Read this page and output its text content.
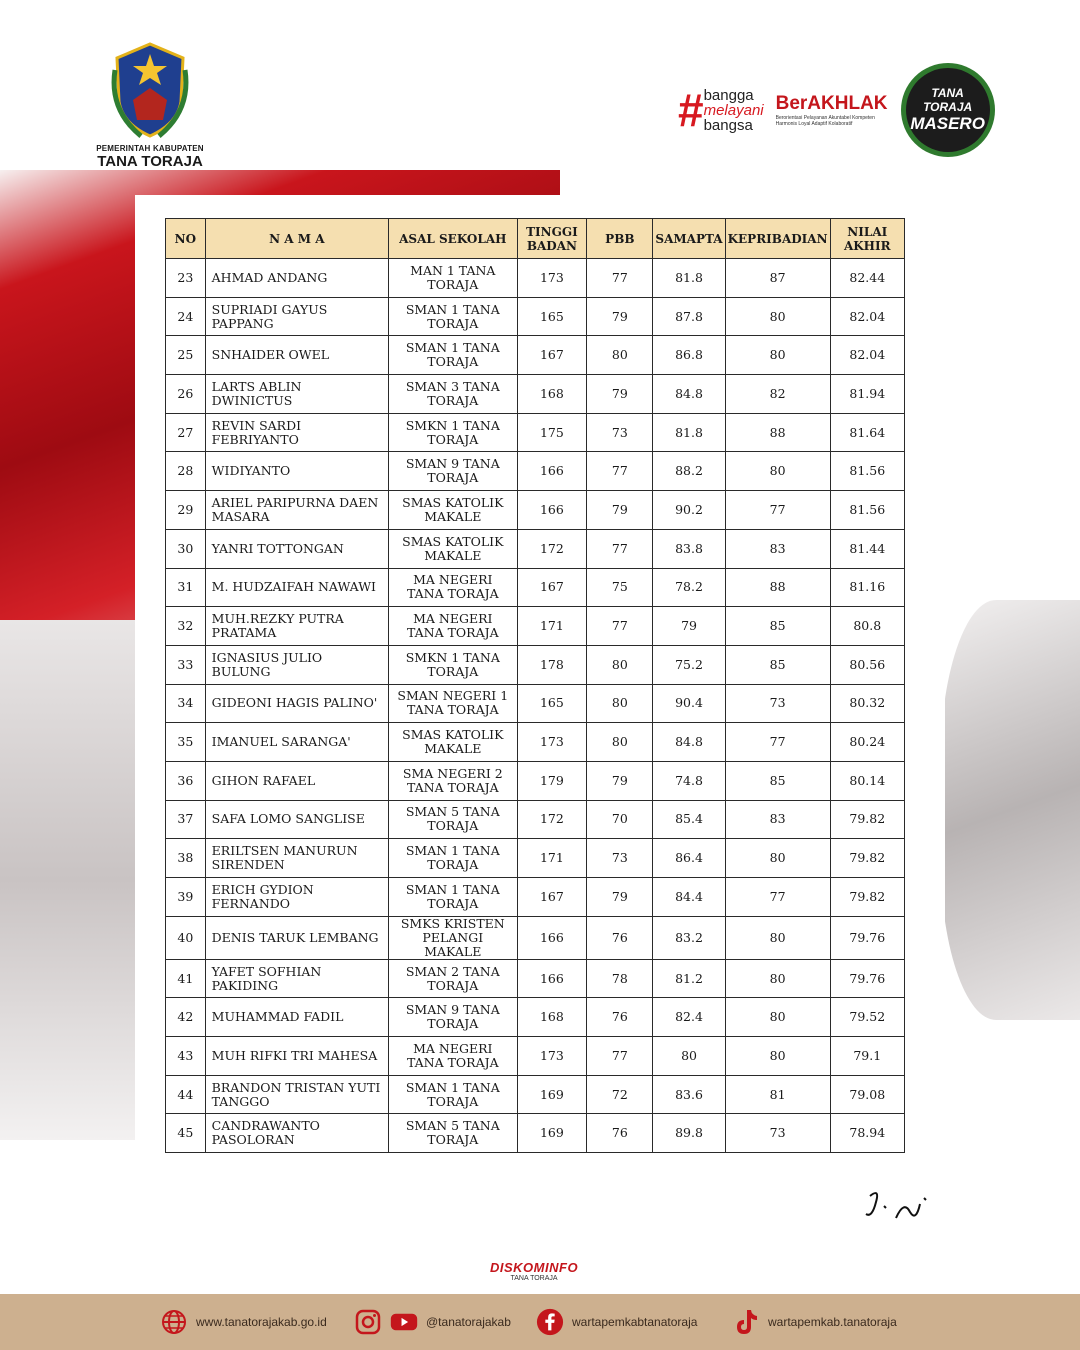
PEMERINTAH KABUPATEN
TANA TORAJA
# bangga
melayani
bangsa
BerAKHLAK
Berorientasi Pelayanan Akuntabel Kompeten Harmonis Loyal Adaptif Kolaboratif
TANA TORAJA
MASERO
NO	N A M A	ASAL SEKOLAH	TINGGI BADAN	PBB	SAMAPTA	KEPRIBADIAN	NILAI AKHIR
23	AHMAD ANDANG	MAN 1 TANA TORAJA	173	77	81.8	87	82.44
24	SUPRIADI GAYUS PAPPANG	SMAN 1 TANA TORAJA	165	79	87.8	80	82.04
25	SNHAIDER OWEL	SMAN 1 TANA TORAJA	167	80	86.8	80	82.04
26	LARTS ABLIN DWINICTUS	SMAN 3 TANA TORAJA	168	79	84.8	82	81.94
27	REVIN SARDI FEBRIYANTO	SMKN 1 TANA TORAJA	175	73	81.8	88	81.64
28	WIDIYANTO	SMAN 9 TANA TORAJA	166	77	88.2	80	81.56
29	ARIEL PARIPURNA DAEN MASARA	SMAS KATOLIK MAKALE	166	79	90.2	77	81.56
30	YANRI TOTTONGAN	SMAS KATOLIK MAKALE	172	77	83.8	83	81.44
31	M. HUDZAIFAH NAWAWI	MA NEGERI TANA TORAJA	167	75	78.2	88	81.16
32	MUH.REZKY PUTRA PRATAMA	MA NEGERI TANA TORAJA	171	77	79	85	80.8
33	IGNASIUS JULIO BULUNG	SMKN 1 TANA TORAJA	178	80	75.2	85	80.56
34	GIDEONI HAGIS PALINO'	SMAN NEGERI 1 TANA TORAJA	165	80	90.4	73	80.32
35	IMANUEL SARANGA'	SMAS KATOLIK MAKALE	173	80	84.8	77	80.24
36	GIHON RAFAEL	SMA NEGERI 2 TANA TORAJA	179	79	74.8	85	80.14
37	SAFA LOMO SANGLISE	SMAN 5 TANA TORAJA	172	70	85.4	83	79.82
38	ERILTSEN MANURUN SIRENDEN	SMAN 1 TANA TORAJA	171	73	86.4	80	79.82
39	ERICH GYDION FERNANDO	SMAN 1 TANA TORAJA	167	79	84.4	77	79.82
40	DENIS TARUK LEMBANG	SMKS KRISTEN PELANGI MAKALE	166	76	83.2	80	79.76
41	YAFET SOFHIAN PAKIDING	SMAN 2 TANA TORAJA	166	78	81.2	80	79.76
42	MUHAMMAD FADIL	SMAN 9 TANA TORAJA	168	76	82.4	80	79.52
43	MUH RIFKI TRI MAHESA	MA NEGERI TANA TORAJA	173	77	80	80	79.1
44	BRANDON TRISTAN YUTI TANGGO	SMAN 1 TANA TORAJA	169	72	83.6	81	79.08
45	CANDRAWANTO PASOLORAN	SMAN 5 TANA TORAJA	169	76	89.8	73	78.94
DISKOMINFO
TANA TORAJA
www.tanatorajakab.go.id	@tanatorajakab	wartapemkabtanatoraja	wartapemkab.tanatoraja
